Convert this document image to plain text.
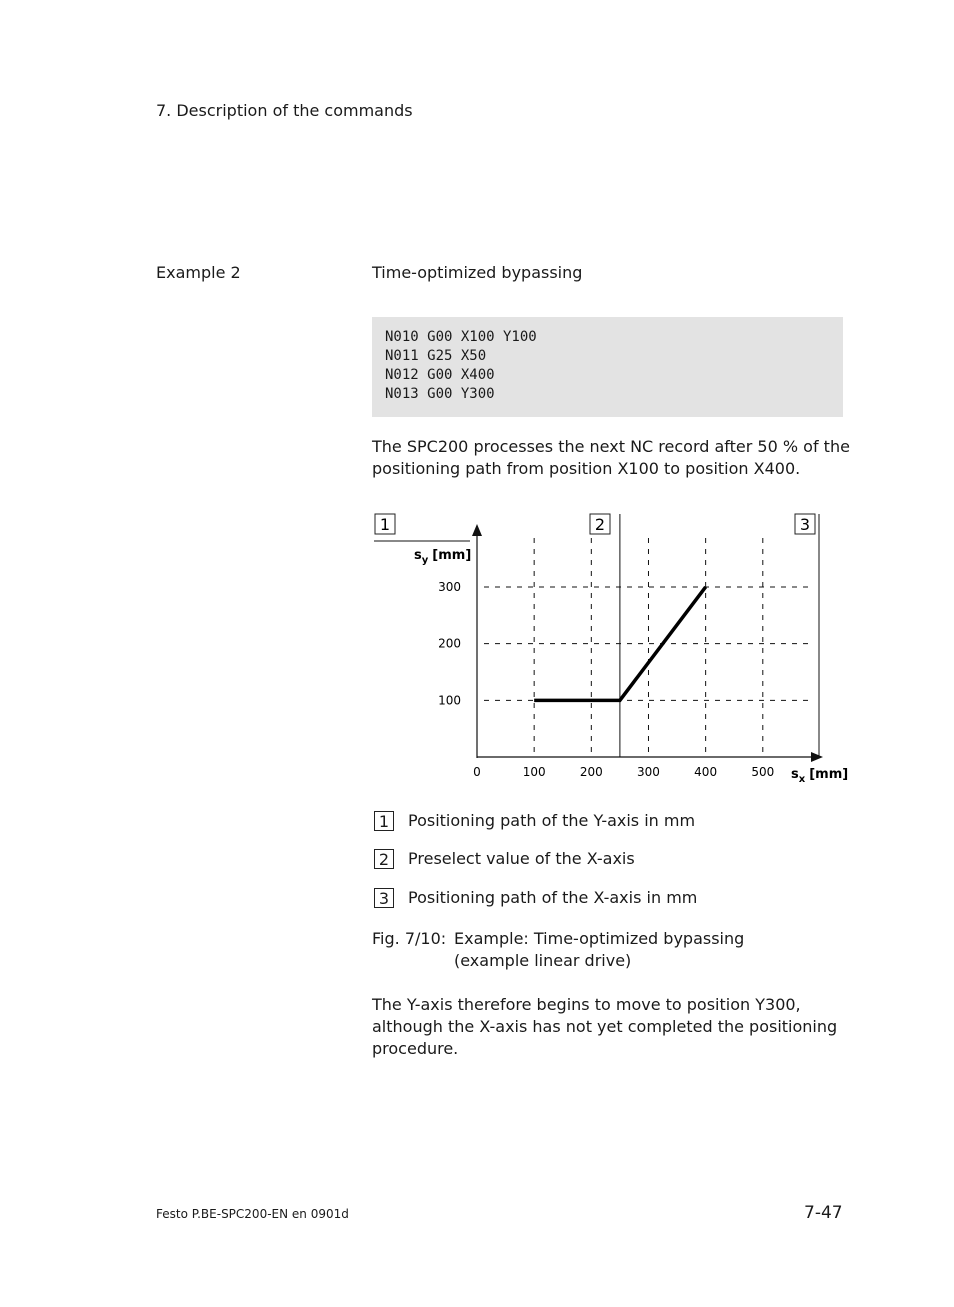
7. Description of the commands
Example 2	Time-optimized bypassing
N010 G00 X100 Y100
N011 G25 X50
N012 G00 X400
N013 G00 Y300
The SPC200 processes the next NC record after 50 % of the positioning path from position X100 to position X400.
1	2	3
$s_y$ [mm]
$s_x$ [mm]
0	100	200	300	400	500
100
200
300
1 Positioning path of the Y-axis in mm
2 Preselect value of the X-axis
3 Positioning path of the X-axis in mm
Fig. 7/10: Example: Time-optimized bypassing
(example linear drive)
The Y-axis therefore begins to move to position Y300, although the X-axis has not yet completed the positioning procedure.
Festo P.BE-SPC200-EN en 0901d	7-47
